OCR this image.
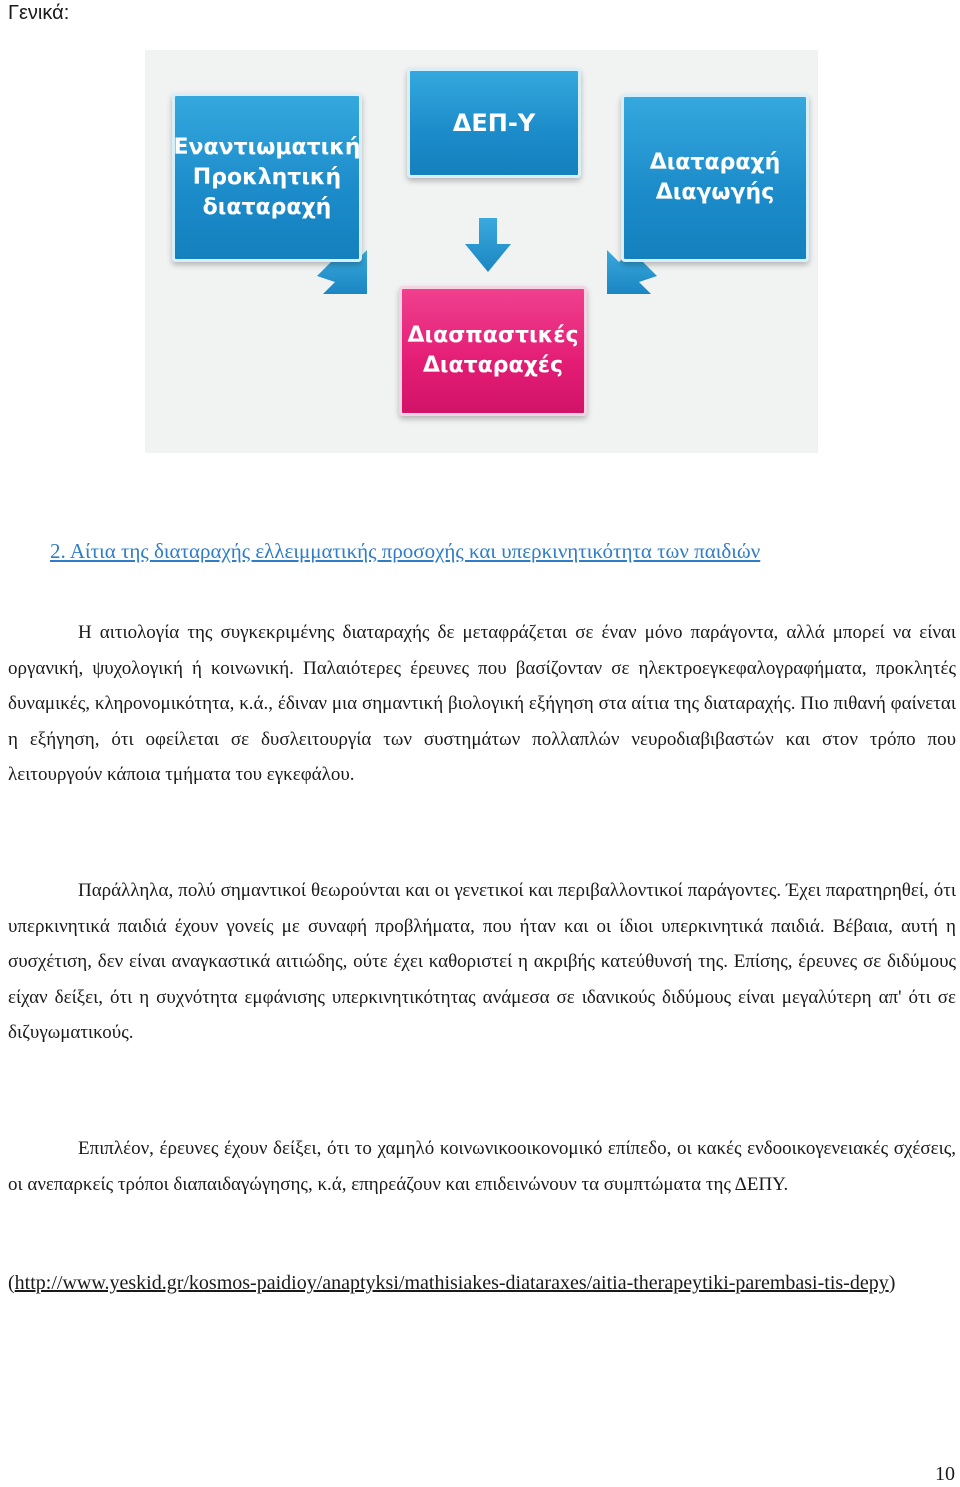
Γενικά:
Εναντιωματική
Προκλητική
διαταραχή
ΔΕΠ-Υ
Διαταραχή
Διαγωγής
Διασπαστικές
Διαταραχές
2. Αίτια της διαταραχής ελλειμματικής προσοχής και υπερκινητικότητα των παιδιών

Η αιτιολογία της συγκεκριμένης διαταραχής δε μεταφράζεται σε έναν μόνο παράγοντα, αλλά μπορεί να είναι οργανική, ψυχολογική ή κοινωνική. Παλαιότερες έρευνες που βασίζονταν σε ηλεκτροεγκεφαλογραφήματα, προκλητές δυναμικές, κληρονομικότητα, κ.ά., έδιναν μια σημαντική βιολογική εξήγηση στα αίτια της διαταραχής. Πιο πιθανή φαίνεται η εξήγηση, ότι οφείλεται σε δυσλειτουργία των συστημάτων πολλαπλών νευροδιαβιβαστών και στον τρόπο που λειτουργούν κάποια τμήματα του εγκεφάλου.

Παράλληλα, πολύ σημαντικοί θεωρούνται και οι γενετικοί και περιβαλλοντικοί παράγοντες. Έχει παρατηρηθεί, ότι υπερκινητικά παιδιά έχουν γονείς με συναφή προβλήματα, που ήταν και οι ίδιοι υπερκινητικά παιδιά. Βέβαια, αυτή η συσχέτιση, δεν είναι αναγκαστικά αιτιώδης, ούτε έχει καθοριστεί η ακριβής κατεύθυνσή της. Επίσης, έρευνες σε διδύμους είχαν δείξει, ότι η συχνότητα εμφάνισης υπερκινητικότητας ανάμεσα σε ιδανικούς διδύμους είναι μεγαλύτερη απ' ότι σε διζυγωματικούς.

Επιπλέον, έρευνες έχουν δείξει, ότι το χαμηλό κοινωνικοοικονομικό επίπεδο, οι κακές ενδοοικογενειακές σχέσεις, οι ανεπαρκείς τρόποι διαπαιδαγώγησης, κ.ά, επηρεάζουν και επιδεινώνουν τα συμπτώματα της ΔΕΠΥ.

(http://www.yeskid.gr/kosmos-paidioy/anaptyksi/mathisiakes-diataraxes/aitia-therapeytiki-parembasi-tis-depy)
10
